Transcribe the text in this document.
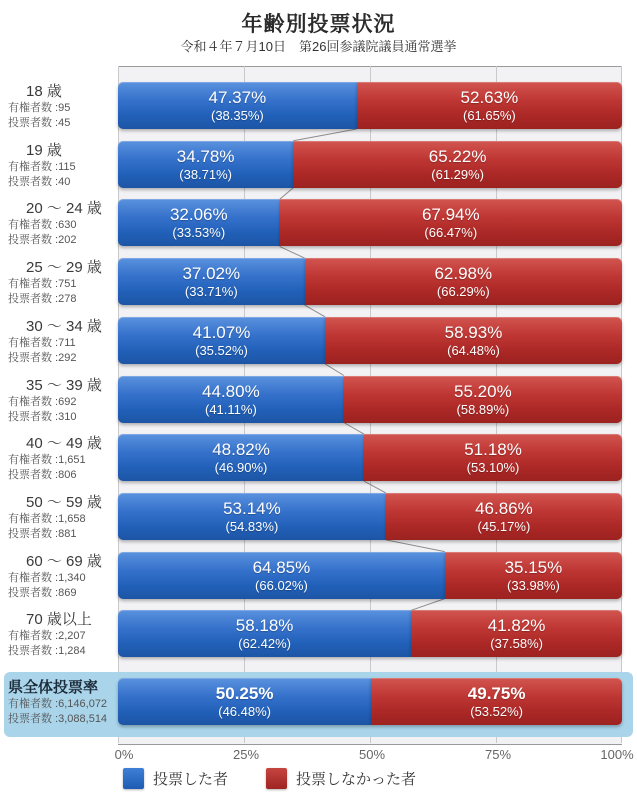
年齢別投票状況
令和４年７月10日　第26回参議院議員通常選挙
18 歳
有権者数 :95
投票者数 :45
47.37%
(38.35%)
52.63%
(61.65%)
19 歳
有権者数 :115
投票者数 :40
34.78%
(38.71%)
65.22%
(61.29%)
20 ～ 24 歳
有権者数 :630
投票者数 :202
32.06%
(33.53%)
67.94%
(66.47%)
25 ～ 29 歳
有権者数 :751
投票者数 :278
37.02%
(33.71%)
62.98%
(66.29%)
30 ～ 34 歳
有権者数 :711
投票者数 :292
41.07%
(35.52%)
58.93%
(64.48%)
35 ～ 39 歳
有権者数 :692
投票者数 :310
44.80%
(41.11%)
55.20%
(58.89%)
40 ～ 49 歳
有権者数 :1,651
投票者数 :806
48.82%
(46.90%)
51.18%
(53.10%)
50 ～ 59 歳
有権者数 :1,658
投票者数 :881
53.14%
(54.83%)
46.86%
(45.17%)
60 ～ 69 歳
有権者数 :1,340
投票者数 :869
64.85%
(66.02%)
35.15%
(33.98%)
70 歳以上
有権者数 :2,207
投票者数 :1,284
58.18%
(62.42%)
41.82%
(37.58%)
県全体投票率
有権者数 :6,146,072
投票者数 :3,088,514
50.25%
(46.48%)
49.75%
(53.52%)
0%	25%	50%	75%	100%
投票した者	投票しなかった者
